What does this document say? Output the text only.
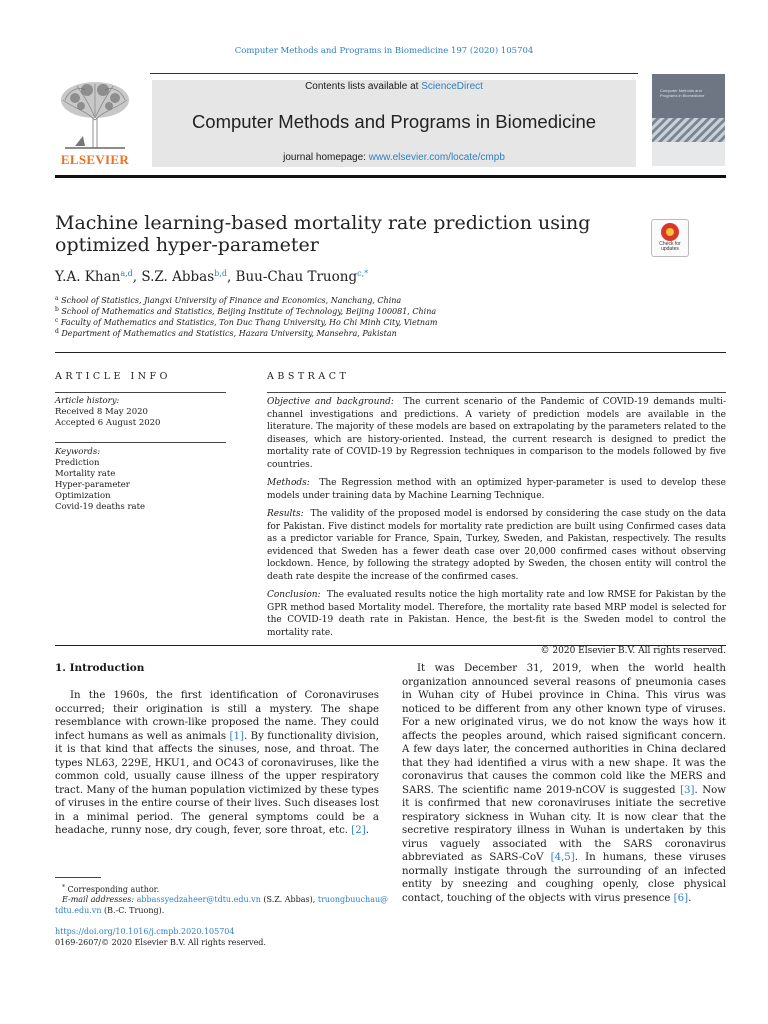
Computer Methods and Programs in Biomedicine 197 (2020) 105704
ELSEVIER
Contents lists available at ScienceDirect
Computer Methods and Programs in Biomedicine
journal homepage: www.elsevier.com/locate/cmpb
Computer Methods and Programs in Biomedicine
Machine learning-based mortality rate prediction using optimized hyper-parameter	Check for updates
Y.A. Khan$^{a,d}$, S.Z. Abbas$^{b,d}$, Buu-Chau Truong$^{c,*}$
$^a$ School of Statistics, Jiangxi University of Finance and Economics, Nanchang, China
$^b$ School of Mathematics and Statistics, Beijing Institute of Technology, Beijing 100081, China
$^c$ Faculty of Mathematics and Statistics, Ton Duc Thang University, Ho Chi Minh City, Vietnam
$^d$ Department of Mathematics and Statistics, Hazara University, Mansehra, Pakistan
ARTICLE INFO
Article history:
Received 8 May 2020
Accepted 6 August 2020
Keywords:
Prediction
Mortality rate
Hyper-parameter
Optimization
Covid-19 deaths rate
ABSTRACT

Objective and background: The current scenario of the Pandemic of COVID-19 demands multi-channel investigations and predictions. A variety of prediction models are available in the literature. The majority of these models are based on extrapolating by the parameters related to the diseases, which are history-oriented. Instead, the current research is designed to predict the mortality rate of COVID-19 by Regression techniques in comparison to the models followed by five countries.

Methods: The Regression method with an optimized hyper-parameter is used to develop these models under training data by Machine Learning Technique.

Results: The validity of the proposed model is endorsed by considering the case study on the data for Pakistan. Five distinct models for mortality rate prediction are built using Confirmed cases data as a predictor variable for France, Spain, Turkey, Sweden, and Pakistan, respectively. The results evidenced that Sweden has a fewer death case over 20,000 confirmed cases without observing lockdown. Hence, by following the strategy adopted by Sweden, the chosen entity will control the death rate despite the increase of the confirmed cases.

Conclusion: The evaluated results notice the high mortality rate and low RMSE for Pakistan by the GPR method based Mortality model. Therefore, the mortality rate based MRP model is selected for the COVID-19 death rate in Pakistan. Hence, the best-fit is the Sweden model to control the mortality rate.

© 2020 Elsevier B.V. All rights reserved.

1. Introduction

In the 1960s, the first identification of Coronaviruses occurred; their origination is still a mystery. The shape resemblance with crown-like proposed the name. They could infect humans as well as animals [1]. By functionality division, it is that kind that affects the sinuses, nose, and throat. The types NL63, 229E, HKU1, and OC43 of coronaviruses, like the common cold, usually cause illness of the upper respiratory tract. Many of the human population victimized by these types of viruses in the entire course of their lives. Such diseases lost in a minimal period. The general symptoms could be a headache, runny nose, dry cough, fever, sore throat, etc. [2].

It was December 31, 2019, when the world health organization announced several reasons of pneumonia cases in Wuhan city of Hubei province in China. This virus was noticed to be different from any other known type of viruses. For a new originated virus, we do not know the ways how it affects the peoples around, which raised significant concern. A few days later, the concerned authorities in China declared that they had identified a virus with a new shape. It was the coronavirus that causes the common cold like the MERS and SARS. The scientific name 2019-nCOV is suggested [3]. Now it is confirmed that new coronaviruses initiate the secretive respiratory sickness in Wuhan city. It is now clear that the secretive respiratory illness in Wuhan is undertaken by this virus vaguely associated with the SARS coronavirus abbreviated as SARS-CoV [4,5]. In humans, these viruses normally instigate through the surrounding of an infected entity by sneezing and coughing openly, close physical contact, touching of the objects with virus presence [6].

* Corresponding author.
E-mail addresses: abbassyedzaheer@tdtu.edu.vn (S.Z. Abbas), truongbuuchau@
tdtu.edu.vn (B.-C. Truong).
https://doi.org/10.1016/j.cmpb.2020.105704
0169-2607/© 2020 Elsevier B.V. All rights reserved.
